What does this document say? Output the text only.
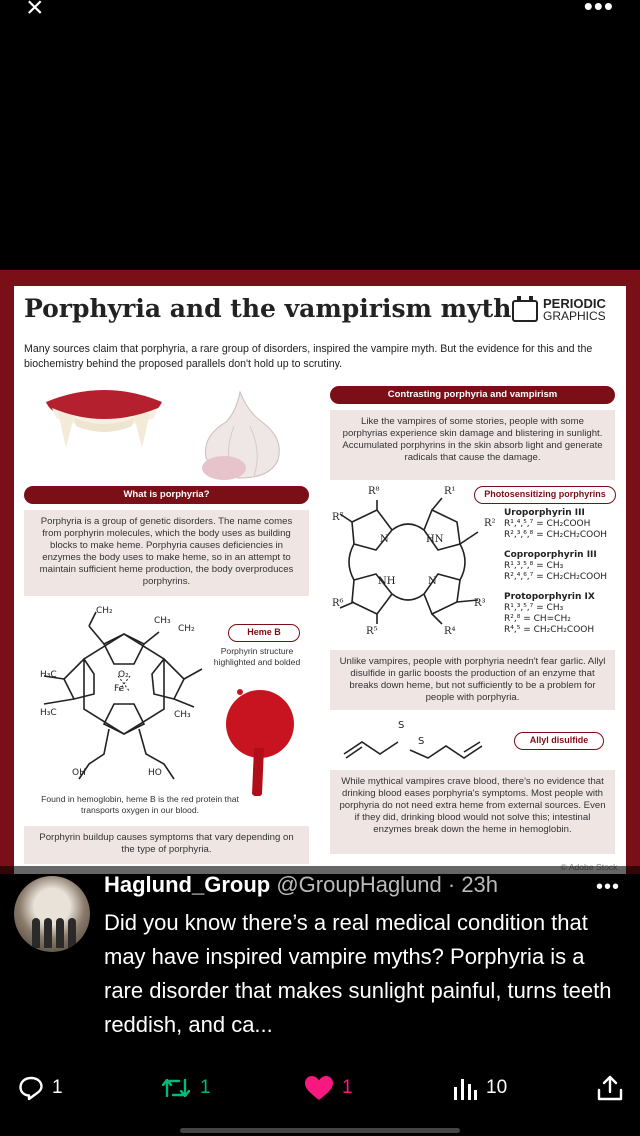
×	•••
Porphyria and the vampirism myth PERIODIC
GRAPHICS
Many sources claim that porphyria, a rare group of disorders, inspired the vampire myth. But the evidence for this and the biochemistry behind the proposed parallels don't hold up to scrutiny.
What is porphyria?
Porphyria is a group of genetic disorders. The name comes from porphyrin molecules, which the body uses as building blocks to make heme. Porphyria causes deficiencies in enzymes the body uses to make heme, so in an attempt to maintain sufficient heme production, the body overproduces porphyrins.
CH₂
CH₃
CH₂
H₃C
H₃C	CH₃
O₂
Fe
OH	HO
Heme B
Porphyrin structure highlighted and bolded
Found in hemoglobin, heme B is the red protein that transports oxygen in our blood.
Porphyrin buildup causes symptoms that vary depending on the type of porphyria.
Contrasting porphyria and vampirism
Like the vampires of some stories, people with some porphyrias experience skin damage and blistering in sunlight. Accumulated porphyrins in the skin absorb light and generate radicals that cause the damage.
R⁸	R¹
R⁷
R²
N	HN
NH	N
R⁶	R³
R⁵	R⁴
Photosensitizing porphyrins
Uroporphyrin III
R¹,⁴,⁵,⁷ = CH₂COOH
R²,³,⁶,⁸ = CH₂CH₂COOH
Coproporphyrin III
R¹,³,⁵,⁸ = CH₃
R²,⁴,⁶,⁷ = CH₂CH₂COOH
Protoporphyrin IX
R¹,³,⁵,⁷ = CH₃
R²,⁸ = CH=CH₂
R⁴,⁵ = CH₂CH₂COOH
Unlike vampires, people with porphyria needn't fear garlic. Allyl disulfide in garlic boosts the production of an enzyme that breaks down heme, but not sufficiently to be a problem for people with porphyria.
S
S	Allyl disulfide
While mythical vampires crave blood, there's no evidence that drinking blood eases porphyria's symptoms. Most people with porphyria do not need extra heme from external sources. Even if they did, drinking blood would not solve this; intestinal enzymes break down the heme in hemoglobin.
Haglund_Group @GroupHaglund · 23h	•••
Did you know there’s a real medical condition that may have inspired vampire myths? Porphyria is a rare disorder that makes sunlight painful, turns teeth reddish, and ca...
1	1	1	10
